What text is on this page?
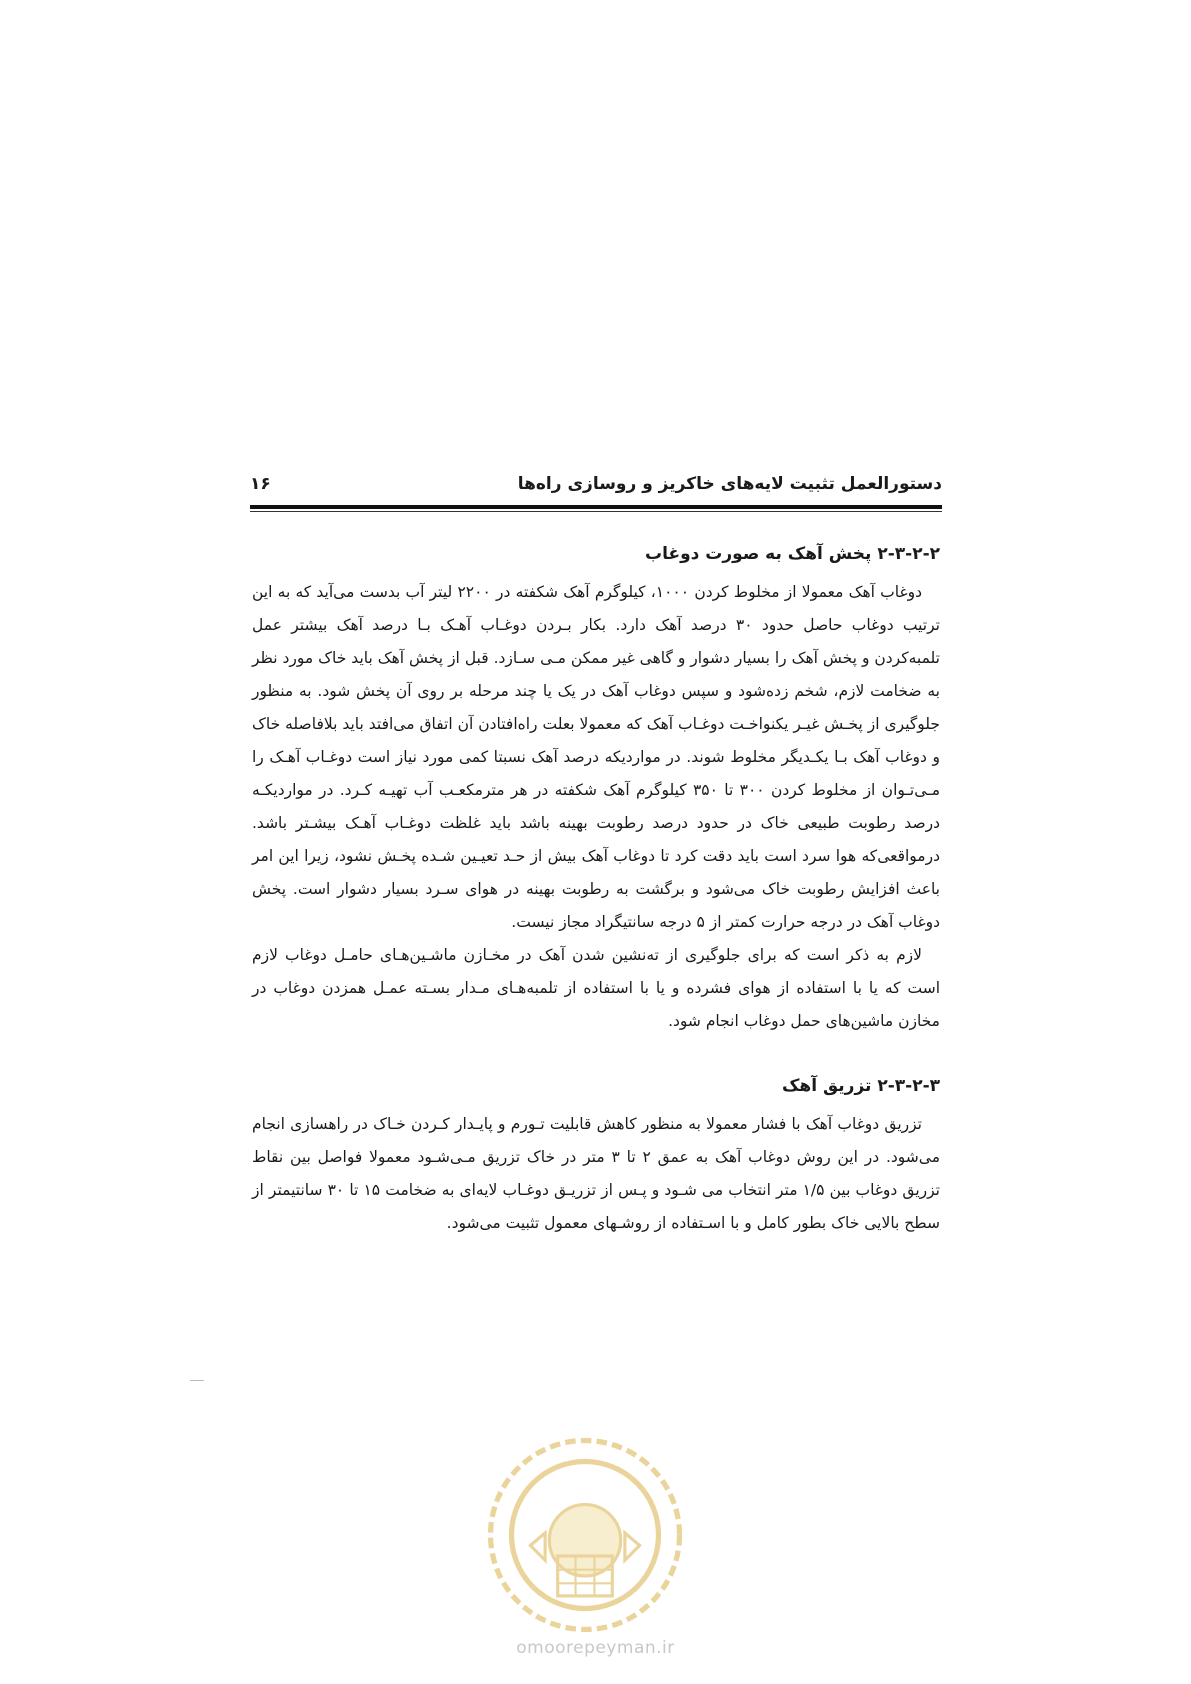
دستورالعمل تثبیت لایه‌های خاکریز و روسازی راه‌ها
۱۶
۲-۳-۲-۲ پخش آهک به صورت دوغاب

دوغاب آهک معمولا از مخلوط کردن ۱۰۰۰، کیلوگرم آهک شکفته در ۲۲۰۰ لیتر آب بدست می‌آید که به این ترتیب دوغاب حاصل حدود ۳۰ درصد آهک دارد. بکار بـردن دوغـاب آهـک بـا درصد آهک بیشتر عمل تلمبه‌کردن و پخش آهک را بسیار دشوار و گاهی غیر ممکن مـی سـازد. قبل از پخش آهک باید خاک مورد نظر به ضخامت لازم، شخم زده‌شود و سپس دوغاب آهک در یک یا چند مرحله بر روی آن پخش شود. به منظور جلوگیری از پخـش غیـر یکنواخـت دوغـاب آهک که معمولا بعلت راه‌افتادن آن اتفاق می‌افتد باید بلافاصله خاک و دوغاب آهک بـا یکـدیگر مخلوط شوند. در مواردیکه درصد آهک نسبتا کمی مورد نیاز است دوغـاب آهـک را مـی‌تـوان از مخلوط کردن ۳۰۰ تا ۳۵۰ کیلوگرم آهک شکفته در هر مترمکعـب آب تهیـه کـرد. در مواردیکـه درصد رطوبت طبیعی خاک در حدود درصد رطوبت بهینه باشد باید غلظت دوغـاب آهـک بیشـتر باشد. درمواقعی‌که هوا سرد است باید دقت کرد تا دوغاب آهک بیش از حـد تعیـین شـده پخـش نشود، زیرا این امر باعث افزایش رطوبت خاک می‌شود و برگشت به رطوبت بهینه در هوای سـرد بسیار دشوار است. پخش دوغاب آهک در درجه حرارت کمتر از ۵ درجه سانتیگراد مجاز نیست.

لازم به ذکر است که برای جلوگیری از ته‌نشین شدن آهک در مخـازن ماشـین‌هـای حامـل دوغاب لازم است که یا با استفاده از هوای فشرده و یا با استفاده از تلمبه‌هـای مـدار بسـته عمـل همزدن دوغاب در مخازن ماشین‌های حمل دوغاب انجام شود.

۲-۳-۲-۳ تزریق آهک

تزریق دوغاب آهک با فشار معمولا به منظور کاهش قابلیت تـورم و پایـدار کـردن خـاک در راهسازی انجام می‌شود. در این روش دوغاب آهک به عمق ۲ تا ۳ متر در خاک تزریق مـی‌شـود معمولا فواصل بین نقاط تزریق دوغاب بین ۱/۵ متر انتخاب می شـود و پـس از تزریـق دوغـاب لایه‌ای به ضخامت ۱۵ تا ۳۰ سانتیمتر از سطح بالایی خاک بطور کامل و با اسـتفاده از روشـهای معمول تثبیت می‌شود.

omoorepeyman.ir
